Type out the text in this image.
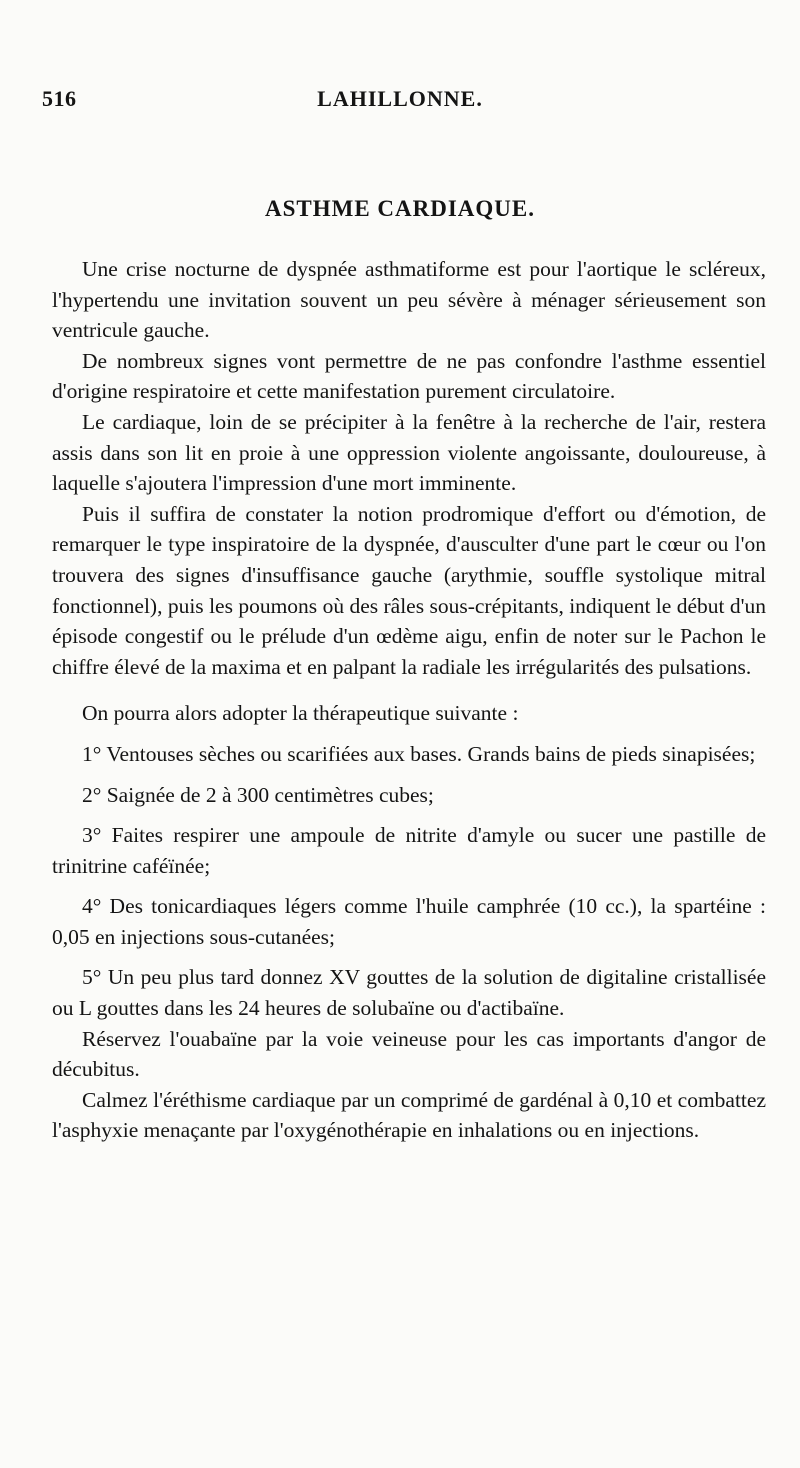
516	LAHILLONNE.
ASTHME CARDIAQUE.

Une crise nocturne de dyspnée asthmatiforme est pour l'aortique le scléreux, l'hypertendu une invitation souvent un peu sévère à ménager sérieusement son ventricule gauche.

De nombreux signes vont permettre de ne pas confondre l'asthme essentiel d'origine respiratoire et cette manifestation purement circulatoire.

Le cardiaque, loin de se précipiter à la fenêtre à la recherche de l'air, restera assis dans son lit en proie à une oppression violente angoissante, douloureuse, à laquelle s'ajoutera l'impression d'une mort imminente.

Puis il suffira de constater la notion prodromique d'effort ou d'émotion, de remarquer le type inspiratoire de la dyspnée, d'ausculter d'une part le cœur ou l'on trouvera des signes d'insuffisance gauche (arythmie, souffle systolique mitral fonctionnel), puis les poumons où des râles sous-crépitants, indiquent le début d'un épisode congestif ou le prélude d'un œdème aigu, enfin de noter sur le Pachon le chiffre élevé de la maxima et en palpant la radiale les irrégularités des pulsations.

On pourra alors adopter la thérapeutique suivante :

1° Ventouses sèches ou scarifiées aux bases. Grands bains de pieds sinapisées;

2° Saignée de 2 à 300 centimètres cubes;

3° Faites respirer une ampoule de nitrite d'amyle ou sucer une pastille de trinitrine caféïnée;

4° Des tonicardiaques légers comme l'huile camphrée (10 cc.), la spartéine : 0,05 en injections sous-cutanées;

5° Un peu plus tard donnez XV gouttes de la solution de digitaline cristallisée ou L gouttes dans les 24 heures de solubaïne ou d'actibaïne.

Réservez l'ouabaïne par la voie veineuse pour les cas importants d'angor de décubitus.

Calmez l'éréthisme cardiaque par un comprimé de gardénal à 0,10 et combattez l'asphyxie menaçante par l'oxygénothérapie en inhalations ou en injections.
